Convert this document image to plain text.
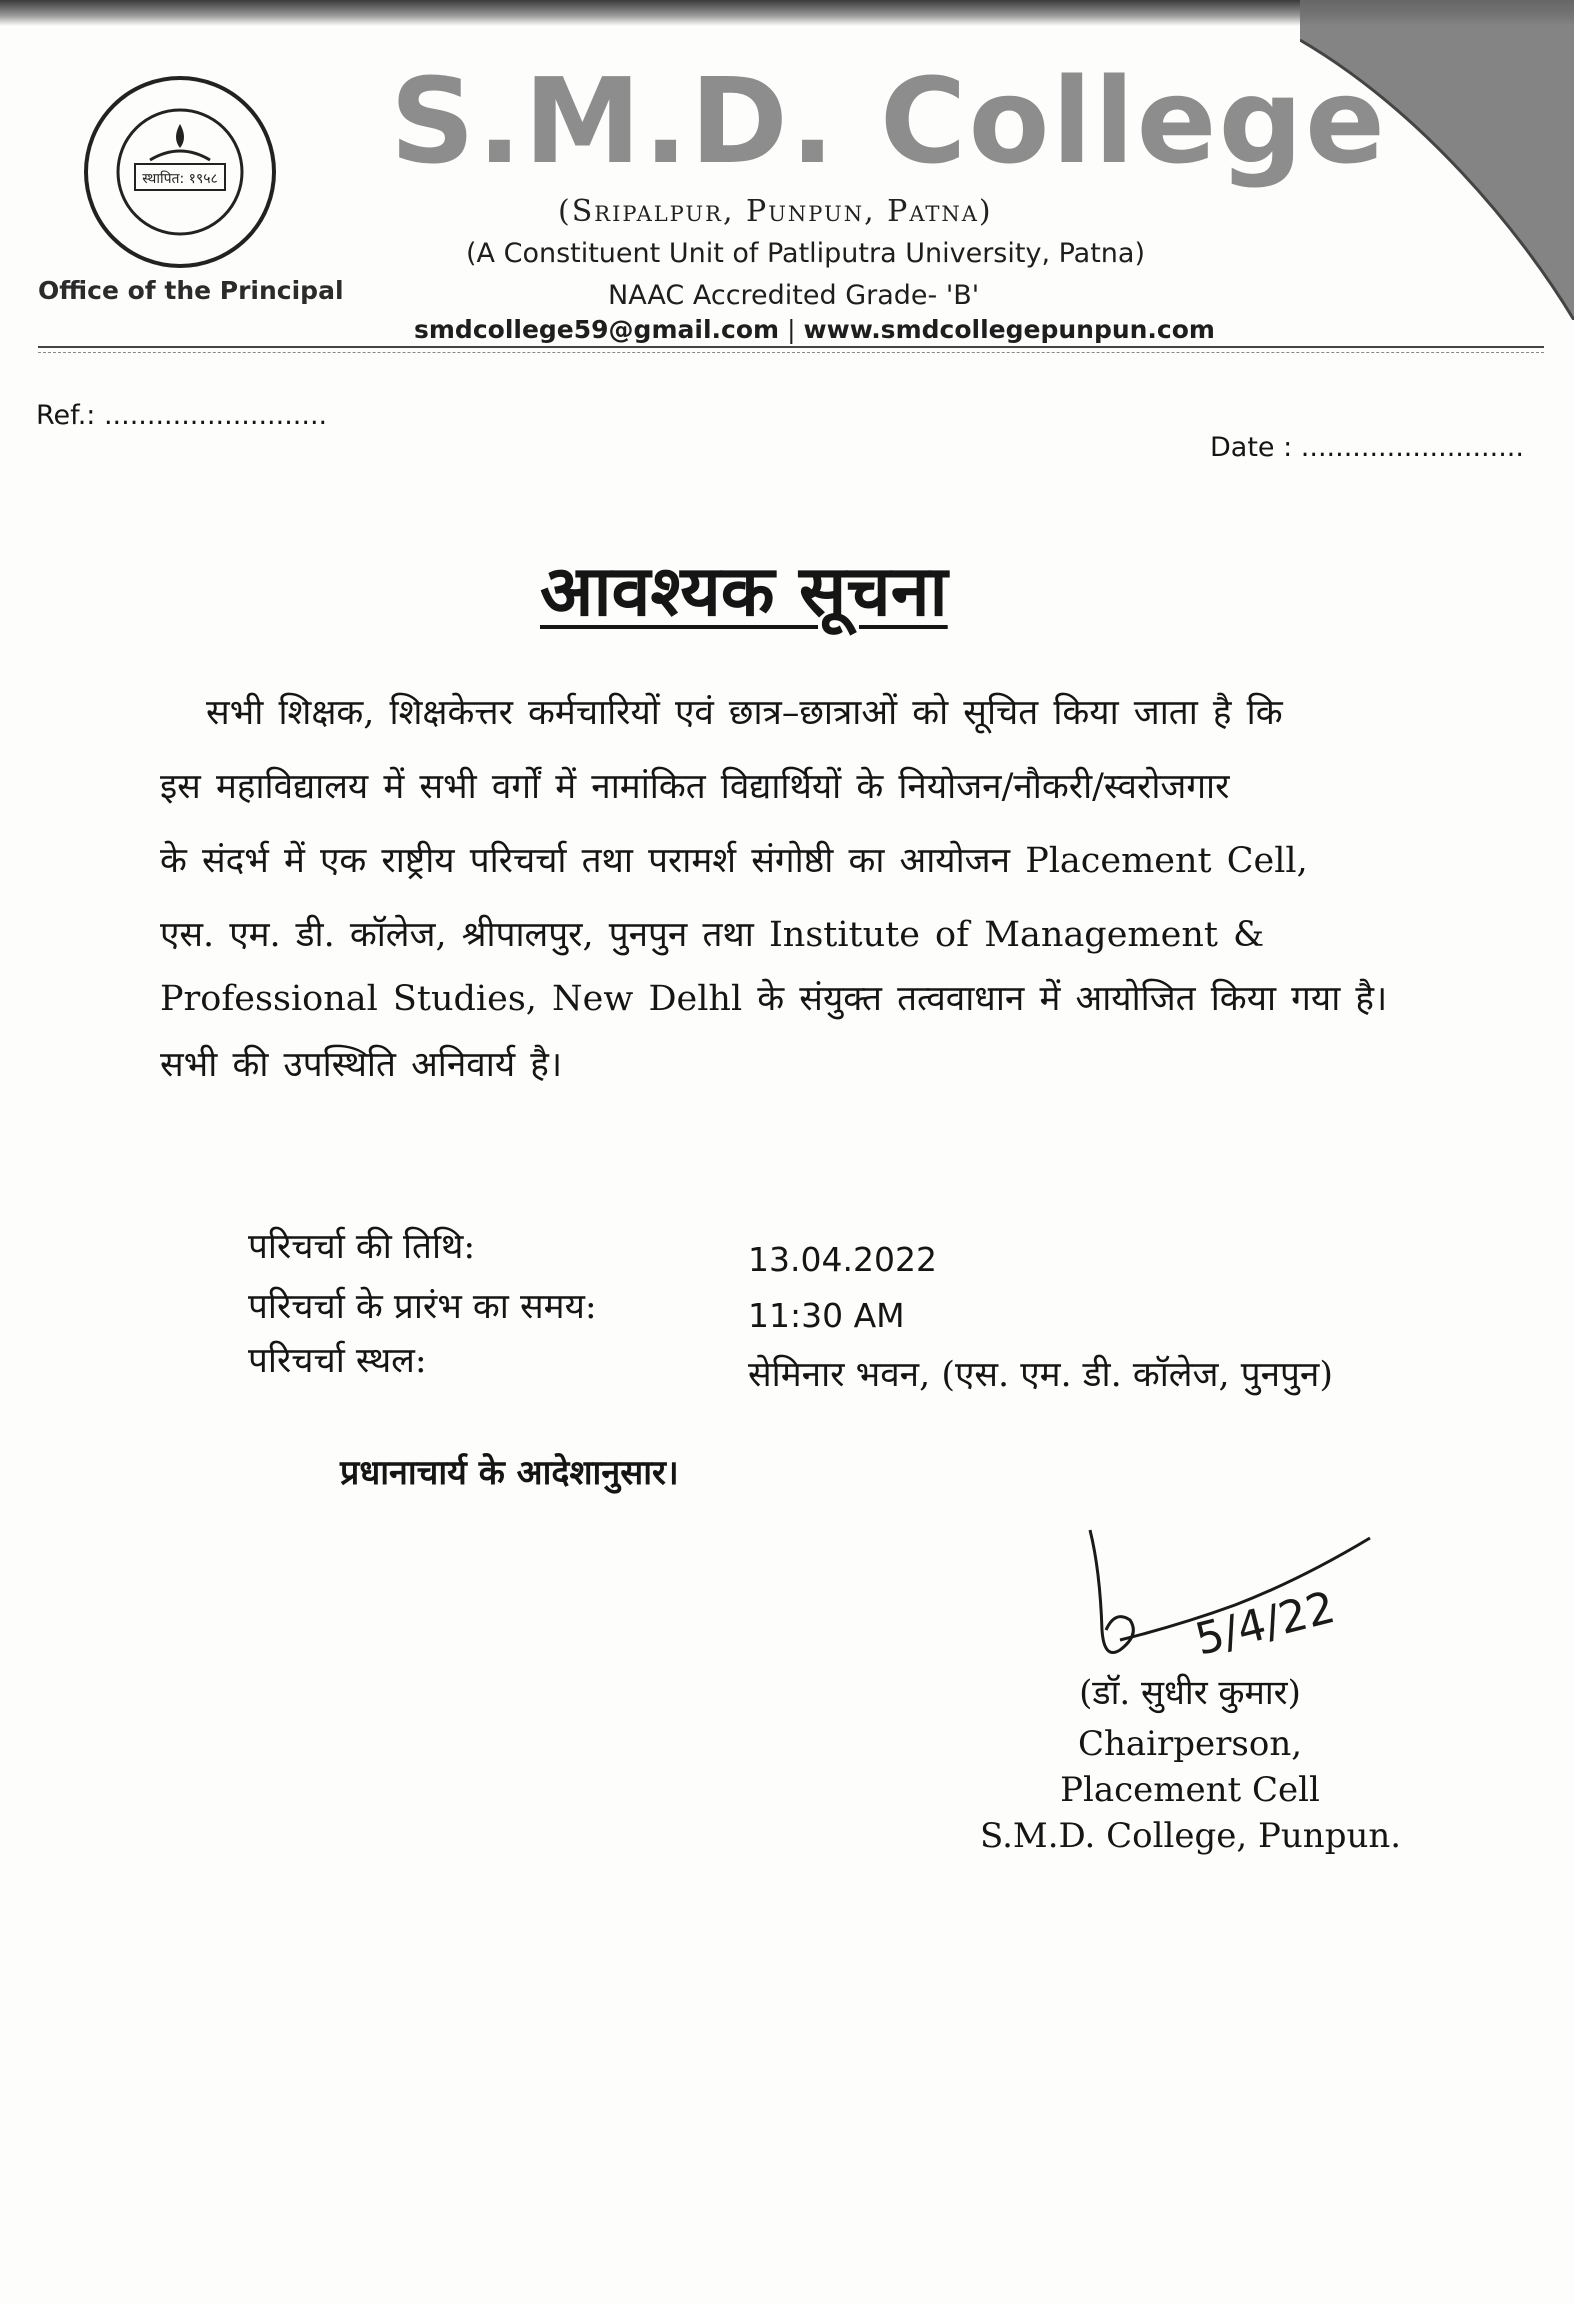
स्थापित: १९५८
Office of the Principal
S.M.D. College
(Sripalpur, Punpun, Patna)
(A Constituent Unit of Patliputra University, Patna)
NAAC Accredited Grade- 'B'
smdcollege59@gmail.com | www.smdcollegepunpun.com
Ref.: ..........................
Date : ..........................
आवश्यक सूचना
सभी शिक्षक, शिक्षकेत्तर कर्मचारियों एवं छात्र–छात्राओं को सूचित किया जाता है कि
इस महाविद्यालय में सभी वर्गों में नामांकित विद्यार्थियों के नियोजन/नौकरी/स्वरोजगार
के संदर्भ में एक राष्ट्रीय परिचर्चा तथा परामर्श संगोष्ठी का आयोजन Placement Cell,
एस. एम. डी. कॉलेज, श्रीपालपुर, पुनपुन तथा Institute of Management &
Professional Studies, New Delhl के संयुक्त तत्ववाधान में आयोजित किया गया है।
सभी की उपस्थिति अनिवार्य है।
परिचर्चा की तिथि:	13.04.2022
परिचर्चा के प्रारंभ का समय:	11:30 AM
परिचर्चा स्थल:	सेमिनार भवन, (एस. एम. डी. कॉलेज, पुनपुन)
प्रधानाचार्य के आदेशानुसार।
5/4/22
(डॉ. सुधीर कुमार)
Chairperson,
Placement Cell
S.M.D. College, Punpun.
